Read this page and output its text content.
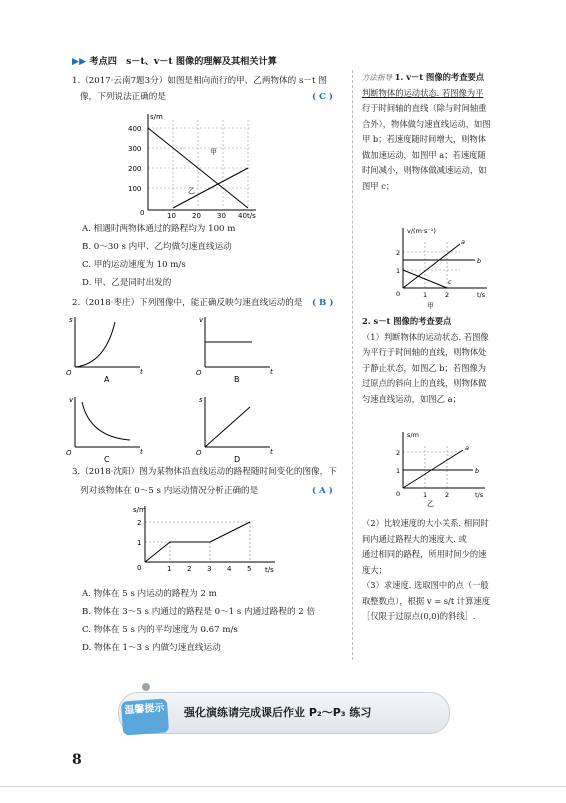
▶▶ 考点四　s－t、v－t 图像的理解及其相关计算
1.（2017·云南7题3分）如图是相向而行的甲、乙两物体的 s－t 图
像，下列说法正确的是	( C )
s/m
t/s
400
300
200
100
0	10 20 30 40
甲
乙
A. 相遇时两物体通过的路程均为 100 m
B. 0～30 s 内甲、乙均做匀速直线运动
C. 甲的运动速度为 10 m/s
D. 甲、乙是同时出发的
2.（2018·枣庄）下列图像中，能正确反映匀速直线运动的是 ( B )
s
t
O
A
v
t
O
B
v
t
O
C
s
t
O
D
3.（2018·沈阳）图为某物体沿直线运动的路程随时间变化的图像，下
列对该物体在 0～5 s 内运动情况分析正确的是	( A )
s/m
t/s
2
1
0	1 2 3 4 5
A. 物体在 5 s 内运动的路程为 2 m
B. 物体在 3～5 s 内通过的路程是 0～1 s 内通过路程的 2 倍
C. 物体在 5 s 内的平均速度为 0.67 m/s
D. 物体在 1～3 s 内做匀速直线运动

方法指导 1. v－t 图像的考查要点

判断物体的运动状态. 若图像为平

行于时间轴的直线（除与时间轴重

合外），物体做匀速直线运动，如图

甲 b；若速度随时间增大，则物体

做加速运动，如图甲 a；若速度随

时间减小，则物体做减速运动，如

图甲 c；

v/(m·s⁻¹)
t/s
2
1
0	1	2
a
b
c
甲

2. s－t 图像的考查要点

（1）判断物体的运动状态. 若图像

为平行于时间轴的直线，则物体处

于静止状态，如图乙 b；若图像为

过原点的斜向上的直线，则物体做

匀速直线运动，如图乙 a；

s/m
t/s
2
1
0	1	2
a
b
乙

（2）比较速度的大小关系. 相同时

间内通过路程大的速度大. 或

通过相同的路程，所用时间少的速

度大；

（3）求速度. 选取图中的点（一般

取整数点），根据 v = s/t 计算速度

［仅限于过原点(0,0)的斜线］.

温馨提示	强化演练请完成课后作业 P₂～P₃ 练习
8
